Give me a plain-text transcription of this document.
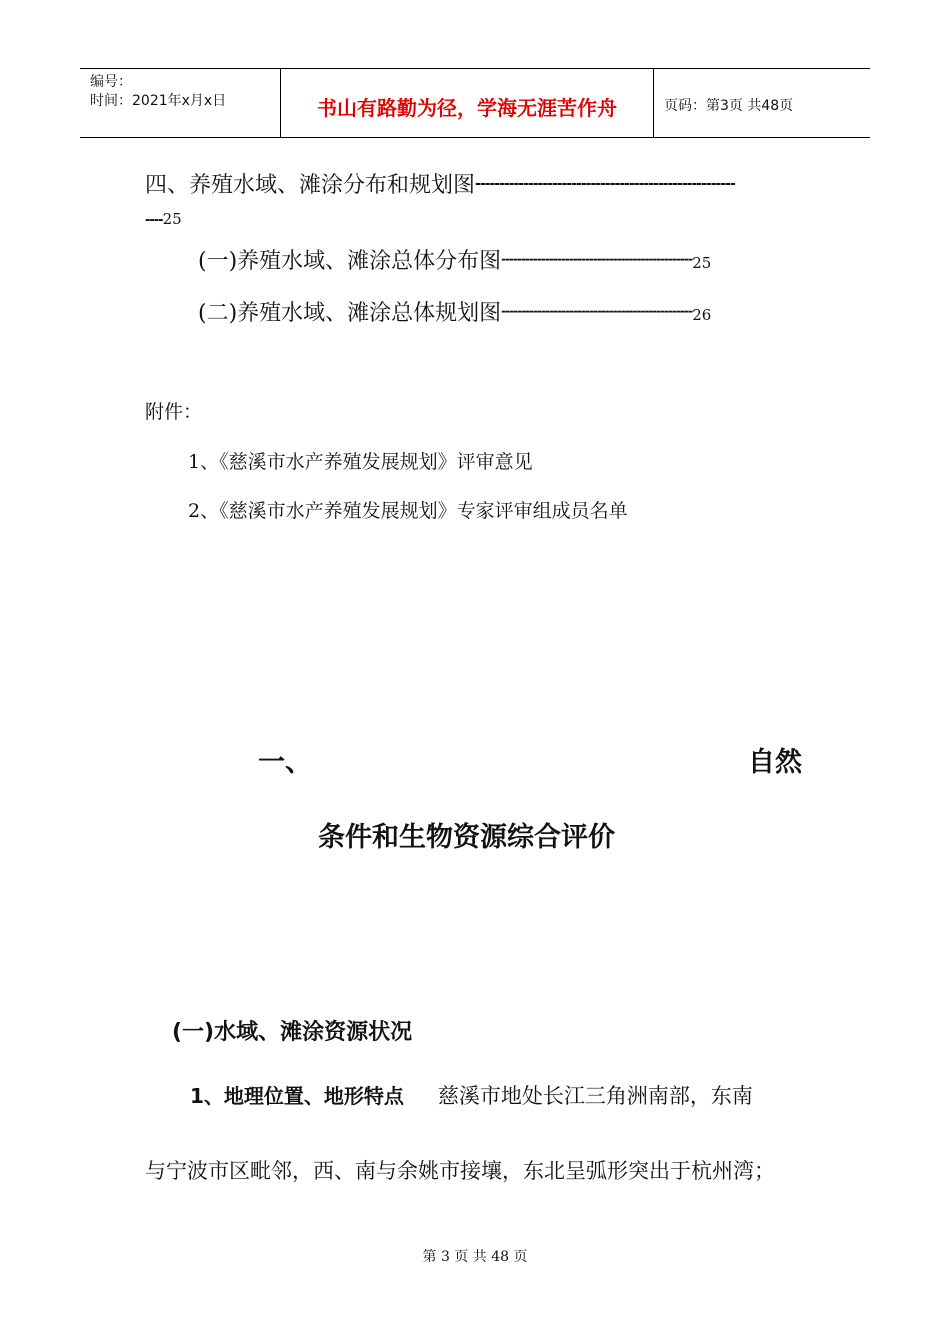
编号：
时间：2021年x月x日	书山有路勤为径，学海无涯苦作舟	页码：第3页 共48页
四、养殖水域、滩涂分布和规划图------------------------------------------------------
----25
(一)养殖水域、滩涂总体分布图------------------------------------------------25
(二)养殖水域、滩涂总体规划图------------------------------------------------26
附件：
1、《慈溪市水产养殖发展规划》评审意见
2、《慈溪市水产养殖发展规划》专家评审组成员名单
一、	自然
条件和生物资源综合评价
(一)水域、滩涂资源状况
1、地理位置、地形特点 慈溪市地处长江三角洲南部，东南
与宁波市区毗邻，西、南与余姚市接壤，东北呈弧形突出于杭州湾；
第 3 页 共 48 页
